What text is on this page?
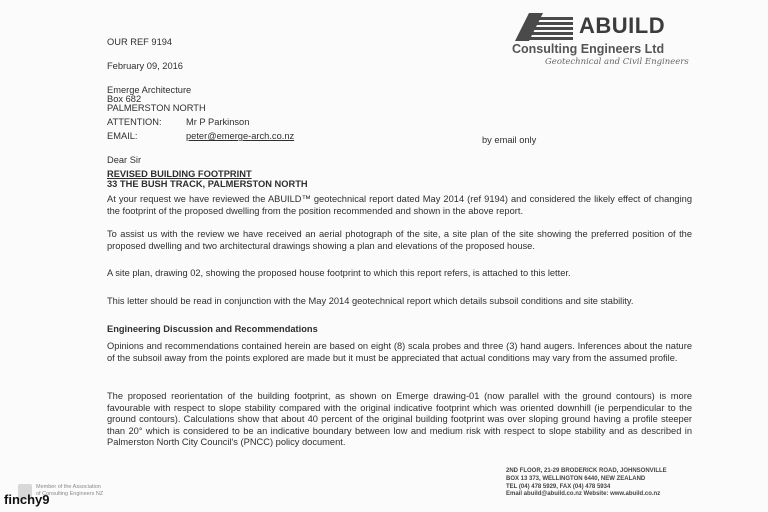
ABUILD
Consulting Engineers Ltd
Geotechnical and Civil Engineers
OUR REF 9194
February 09, 2016
Emerge Architecture
Box 682
PALMERSTON NORTH
ATTENTION:	Mr P Parkinson
EMAIL:	peter@emerge-arch.co.nz	by email only
Dear Sir
REVISED BUILDING FOOTPRINT
33 THE BUSH TRACK, PALMERSTON NORTH
At your request we have reviewed the ABUILD™ geotechnical report dated May 2014 (ref 9194) and considered the likely effect of changing the footprint of the proposed dwelling from the position recommended and shown in the above report.
To assist us with the review we have received an aerial photograph of the site, a site plan of the site showing the preferred position of the proposed dwelling and two architectural drawings showing a plan and elevations of the proposed house.
A site plan, drawing 02, showing the proposed house footprint to which this report refers, is attached to this letter.
This letter should be read in conjunction with the May 2014 geotechnical report which details subsoil conditions and site stability.
Engineering Discussion and Recommendations
Opinions and recommendations contained herein are based on eight (8) scala probes and three (3) hand augers. Inferences about the nature of the subsoil away from the points explored are made but it must be appreciated that actual conditions may vary from the assumed profile.
The proposed reorientation of the building footprint, as shown on Emerge drawing-01 (now parallel with the ground contours) is more favourable with respect to slope stability compared with the original indicative footprint which was oriented downhill (ie perpendicular to the ground contours). Calculations show that about 40 percent of the original building footprint was over sloping ground having a profile steeper than 20° which is considered to be an indicative boundary between low and medium risk with respect to slope stability and as described in Palmerston North City Council's (PNCC) policy document.
Member of the Association
of Consulting Engineers NZ
2ND FLOOR, 21-29 BRODERICK ROAD, JOHNSONVILLE
BOX 13 373, WELLINGTON 6440, NEW ZEALAND
TEL (04) 478 5929, FAX (04) 478 5934
Email abuild@abuild.co.nz Website: www.abuild.co.nz
finchy9
